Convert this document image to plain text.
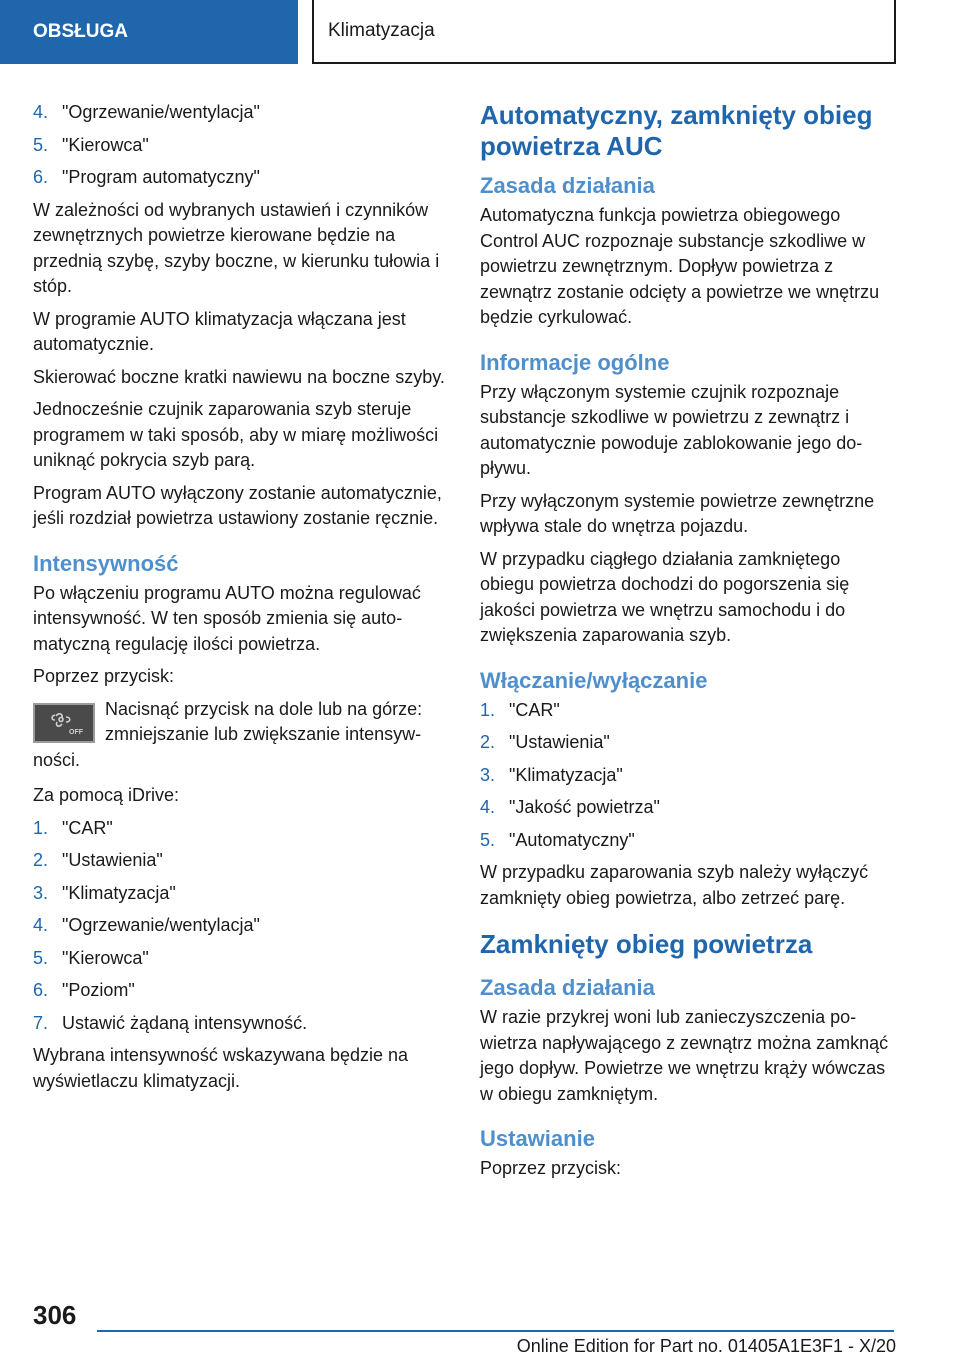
OBSŁUGA	Klimatyzacja
4. "Ogrzewanie/wentylacja"
5. "Kierowca"
6. "Program automatyczny"

W zależności od wybranych ustawień i czynników zewnętrznych powietrze kierowane będzie na przednią szybę, szyby boczne, w kierunku tułowia i stóp.

W programie AUTO klimatyzacja włączana jest automatycznie.

Skierować boczne kratki nawiewu na boczne szyby.

Jednocześnie czujnik zaparowania szyb steruje programem w taki sposób, aby w miarę możliwości uniknąć pokrycia szyb parą.

Program AUTO wyłączony zostanie automatycznie, jeśli rozdział powietrza ustawiony zostanie ręcznie.

Intensywność

Po włączeniu programu AUTO można regulować intensywność. W ten sposób zmienia się automatyczną regulację ilości powietrza.

Poprzez przycisk:

OFF

Nacisnąć przycisk na dole lub na górze: zmniejszanie lub zwiększanie intensywności.

Za pomocą iDrive:

1. "CAR"
2. "Ustawienia"
3. "Klimatyzacja"
4. "Ogrzewanie/wentylacja"
5. "Kierowca"
6. "Poziom"
7. Ustawić żądaną intensywność.

Wybrana intensywność wskazywana będzie na wyświetlaczu klimatyzacji.

Automatyczny, zamknięty obieg powietrza AUC
Zasada działania

Automatyczna funkcja powietrza obiegowego Control AUC rozpoznaje substancje szkodliwe w powietrzu zewnętrznym. Dopływ powietrza z zewnątrz zostanie odcięty a powietrze we wnętrzu będzie cyrkulować.

Informacje ogólne

Przy włączonym systemie czujnik rozpoznaje substancje szkodliwe w powietrzu z zewnątrz i automatycznie powoduje zablokowanie jego dopływu.

Przy wyłączonym systemie powietrze zewnętrzne wpływa stale do wnętrza pojazdu.

W przypadku ciągłego działania zamkniętego obiegu powietrza dochodzi do pogorszenia się jakości powietrza we wnętrzu samochodu i do zwiększenia zaparowania szyb.

Włączanie/wyłączanie
1. "CAR"
2. "Ustawienia"
3. "Klimatyzacja"
4. "Jakość powietrza"
5. "Automatyczny"

W przypadku zaparowania szyb należy wyłączyć zamknięty obieg powietrza, albo zetrzeć parę.

Zamknięty obieg powietrza
Zasada działania

W razie przykrej woni lub zanieczyszczenia powietrza napływającego z zewnątrz można zamknąć jego dopływ. Powietrze we wnętrzu krąży wówczas w obiegu zamkniętym.

Ustawianie

Poprzez przycisk:

306
Online Edition for Part no. 01405A1E3F1 - X/20
